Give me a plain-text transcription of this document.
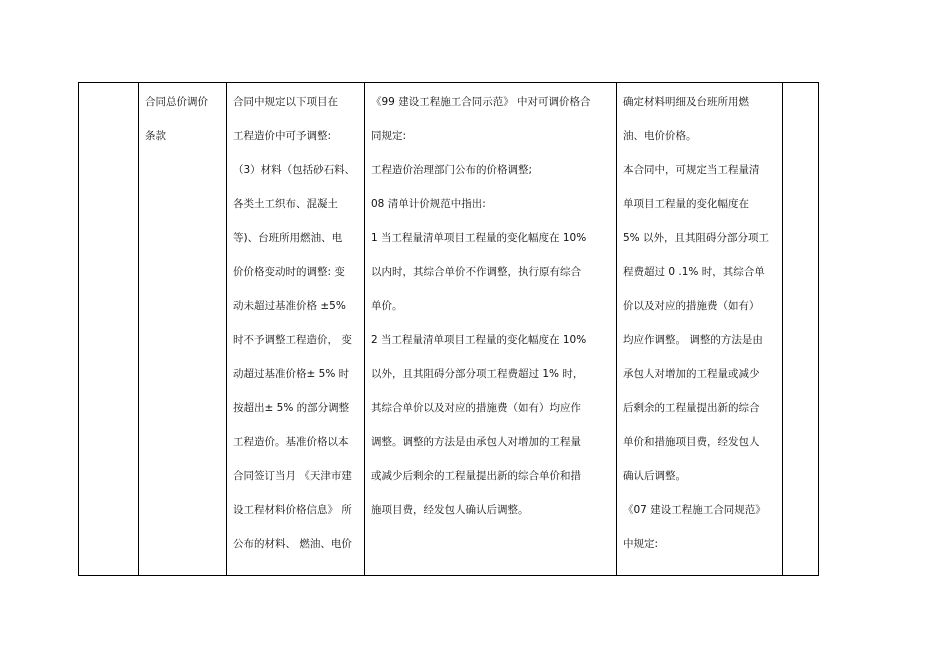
合同总价调价
条款

合同中规定以下项目在
工程造价中可予调整:
（3）材料（包括砂石料、
各类土工织布、混凝土
等)、台班所用燃油、电
价价格变动时的调整: 变
动未超过基准价格 ±5%
时不予调整工程造价， 变
动超过基准价格± 5% 时
按超出± 5% 的部分调整
工程造价。基准价格以本
合同签订当月 《天津市建
设工程材料价格信息》 所
公布的材料、 燃油、电价

《99 建设工程施工合同示范》 中对可调价格合
同规定:
工程造价治理部门公布的价格调整;
08 清单计价规范中指出:
1 当工程量清单项目工程量的变化幅度在 10%
以内时，其综合单价不作调整，执行原有综合
单价。
2 当工程量清单项目工程量的变化幅度在 10%
以外，且其阻碍分部分项工程费超过 1% 时，
其综合单价以及对应的措施费（如有）均应作
调整。调整的方法是由承包人对增加的工程量
或减少后剩余的工程量提出新的综合单价和措
施项目费，经发包人确认后调整。

确定材料明细及台班所用燃
油、电价价格。
本合同中，可规定当工程量清
单项目工程量的变化幅度在
5% 以外，且其阻碍分部分项工
程费超过 0 .1% 时，其综合单
价以及对应的措施费（如有）
均应作调整。 调整的方法是由
承包人对增加的工程量或减少
后剩余的工程量提出新的综合
单价和措施项目费，经发包人
确认后调整。
《07 建设工程施工合同规范》
中规定:
